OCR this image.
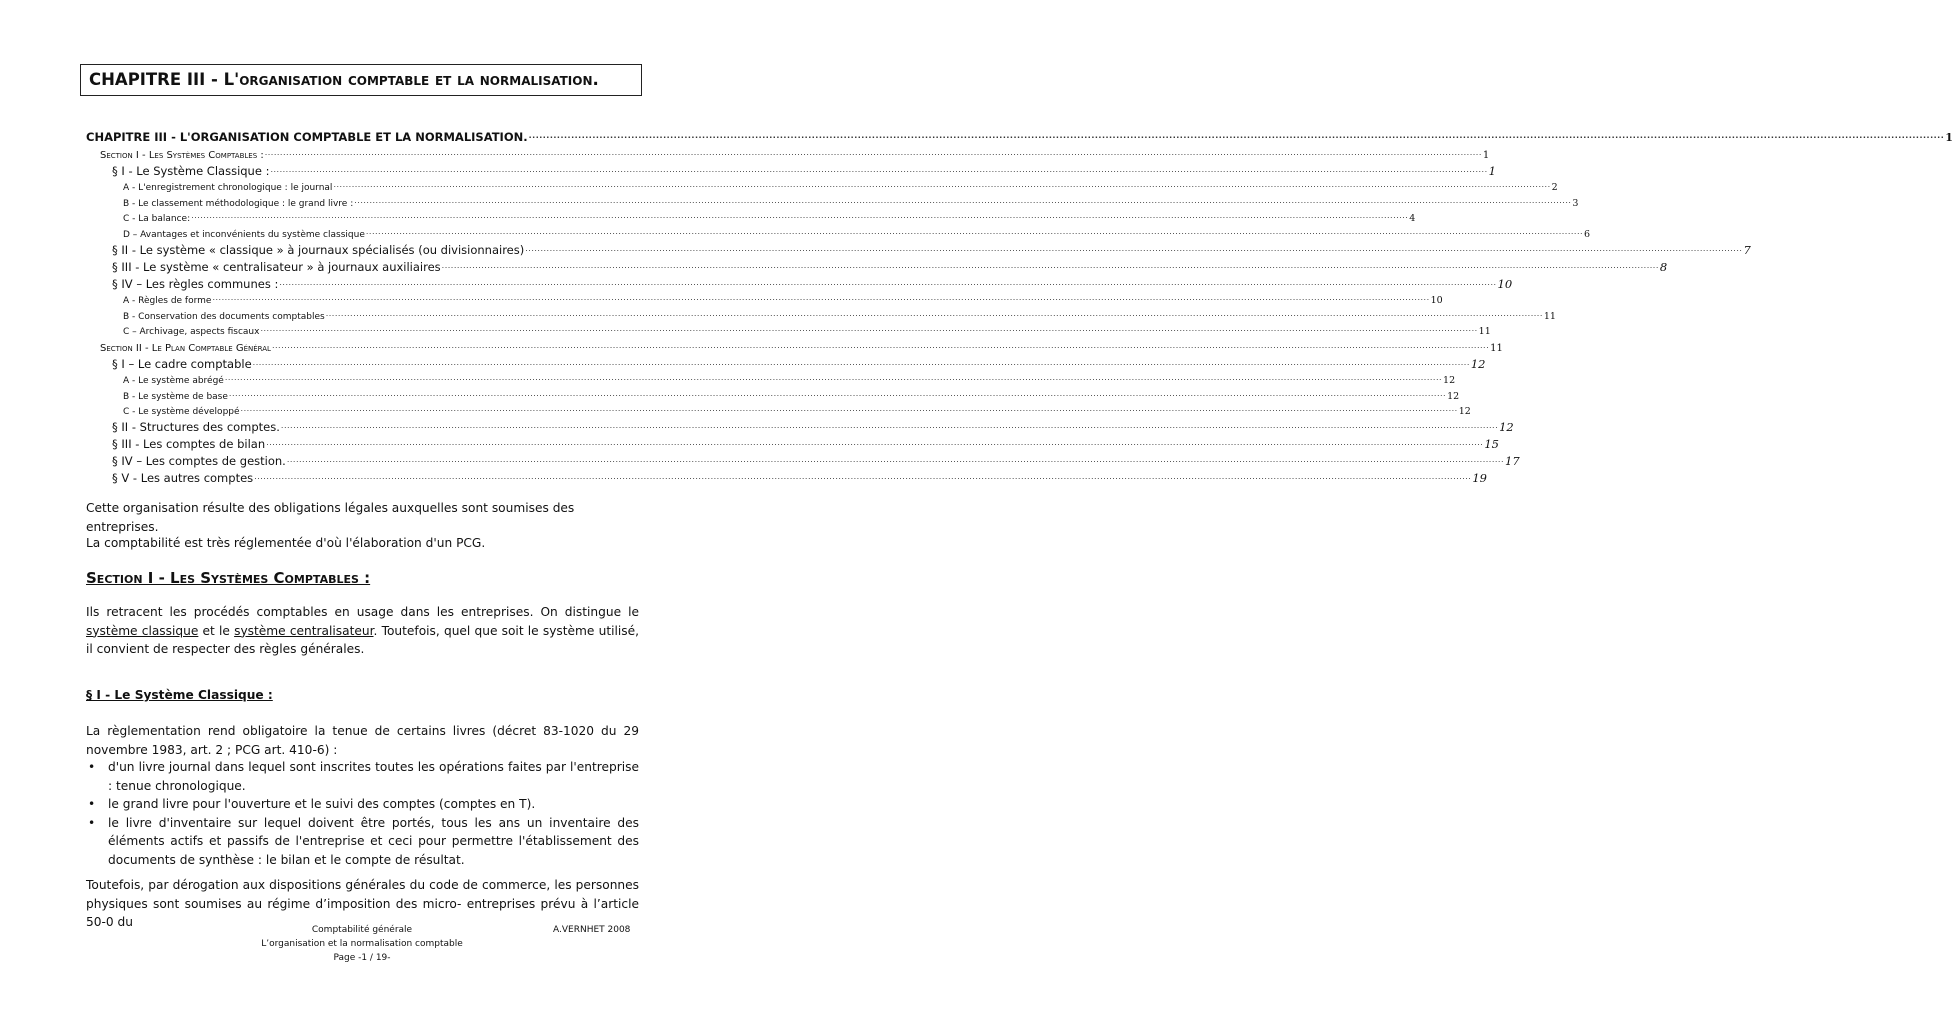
CHAPITRE III - L'organisation comptable et la normalisation.
CHAPITRE III - L'ORGANISATION COMPTABLE ET LA NORMALISATION. ................................................................................................................................................................................................................................................................................................................................................................................................................ 1
Section I - Les Systèmes Comptables : ................................................................................................................................................................................................................................................................................................................................................................................................................ 1
§ I - Le Système Classique : ................................................................................................................................................................................................................................................................................................................................................................................................................ 1
A - L'enregistrement chronologique : le journal ................................................................................................................................................................................................................................................................................................................................................................................................................ 2
B - Le classement méthodologique : le grand livre : ................................................................................................................................................................................................................................................................................................................................................................................................................ 3
C - La balance: ................................................................................................................................................................................................................................................................................................................................................................................................................ 4
D – Avantages et inconvénients du système classique ................................................................................................................................................................................................................................................................................................................................................................................................................ 6
§ II - Le système « classique » à journaux spécialisés (ou divisionnaires) ................................................................................................................................................................................................................................................................................................................................................................................................................ 7
§ III - Le système « centralisateur » à journaux auxiliaires ................................................................................................................................................................................................................................................................................................................................................................................................................ 8
§ IV – Les règles communes : ................................................................................................................................................................................................................................................................................................................................................................................................................ 10
A - Règles de forme ................................................................................................................................................................................................................................................................................................................................................................................................................ 10
B - Conservation des documents comptables ................................................................................................................................................................................................................................................................................................................................................................................................................ 11
C – Archivage, aspects fiscaux ................................................................................................................................................................................................................................................................................................................................................................................................................ 11
Section II - Le Plan Comptable Général ................................................................................................................................................................................................................................................................................................................................................................................................................ 11
§ I – Le cadre comptable ................................................................................................................................................................................................................................................................................................................................................................................................................ 12
A - Le système abrégé ................................................................................................................................................................................................................................................................................................................................................................................................................ 12
B - Le système de base ................................................................................................................................................................................................................................................................................................................................................................................................................ 12
C - Le système développé ................................................................................................................................................................................................................................................................................................................................................................................................................ 12
§ II - Structures des comptes. ................................................................................................................................................................................................................................................................................................................................................................................................................ 12
§ III - Les comptes de bilan ................................................................................................................................................................................................................................................................................................................................................................................................................ 15
§ IV – Les comptes de gestion. ................................................................................................................................................................................................................................................................................................................................................................................................................ 17
§ V - Les autres comptes ................................................................................................................................................................................................................................................................................................................................................................................................................ 19
Cette organisation résulte des obligations légales auxquelles sont soumises des entreprises.
La comptabilité est très réglementée d'où l'élaboration d'un PCG.
Section I - Les Systèmes Comptables :
Ils retracent les procédés comptables en usage dans les entreprises. On distingue le système classique et le système centralisateur. Toutefois, quel que soit le système utilisé, il convient de respecter des règles générales.
§ I - Le Système Classique :
La règlementation rend obligatoire la tenue de certains livres (décret 83-1020 du 29 novembre 1983, art. 2 ; PCG art. 410-6) :
• d'un livre journal dans lequel sont inscrites toutes les opérations faites par l'entreprise : tenue chronologique.
• le grand livre pour l'ouverture et le suivi des comptes (comptes en T).
• le livre d'inventaire sur lequel doivent être portés, tous les ans un inventaire des éléments actifs et passifs de l'entreprise et ceci pour permettre l'établissement des documents de synthèse : le bilan et le compte de résultat.
Toutefois, par dérogation aux dispositions générales du code de commerce, les personnes physiques sont soumises au régime d’imposition des micro- entreprises prévu à l’article 50-0 du
Comptabilité générale
L’organisation et la normalisation comptable
Page -1 / 19-
A.VERNHET 2008
